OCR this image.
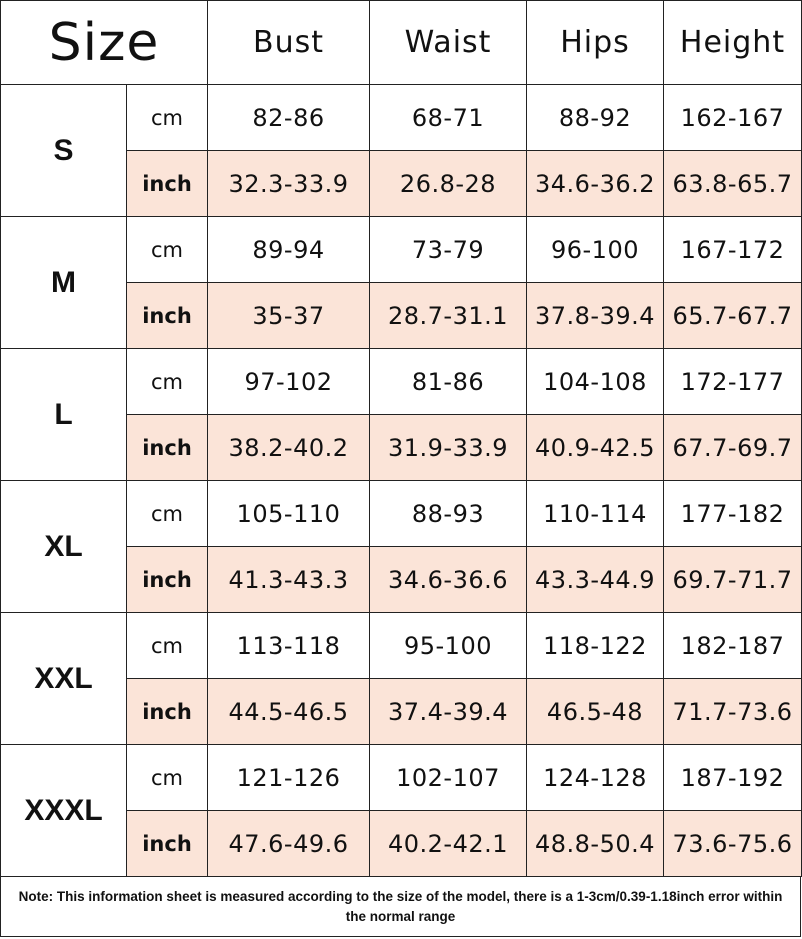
Size		Bust	Waist	Hips	Height
S	cm	82-86	68-71	88-92	162-167
	inch	32.3-33.9	26.8-28	34.6-36.2	63.8-65.7
M	cm	89-94	73-79	96-100	167-172
	inch	35-37	28.7-31.1	37.8-39.4	65.7-67.7
L	cm	97-102	81-86	104-108	172-177
	inch	38.2-40.2	31.9-33.9	40.9-42.5	67.7-69.7
XL	cm	105-110	88-93	110-114	177-182
	inch	41.3-43.3	34.6-36.6	43.3-44.9	69.7-71.7
XXL	cm	113-118	95-100	118-122	182-187
	inch	44.5-46.5	37.4-39.4	46.5-48	71.7-73.6
XXXL	cm	121-126	102-107	124-128	187-192
	inch	47.6-49.6	40.2-42.1	48.8-50.4	73.6-75.6
Note: This information sheet is measured according to the size of the model, there is a 1-3cm/0.39-1.18inch error within the normal range
